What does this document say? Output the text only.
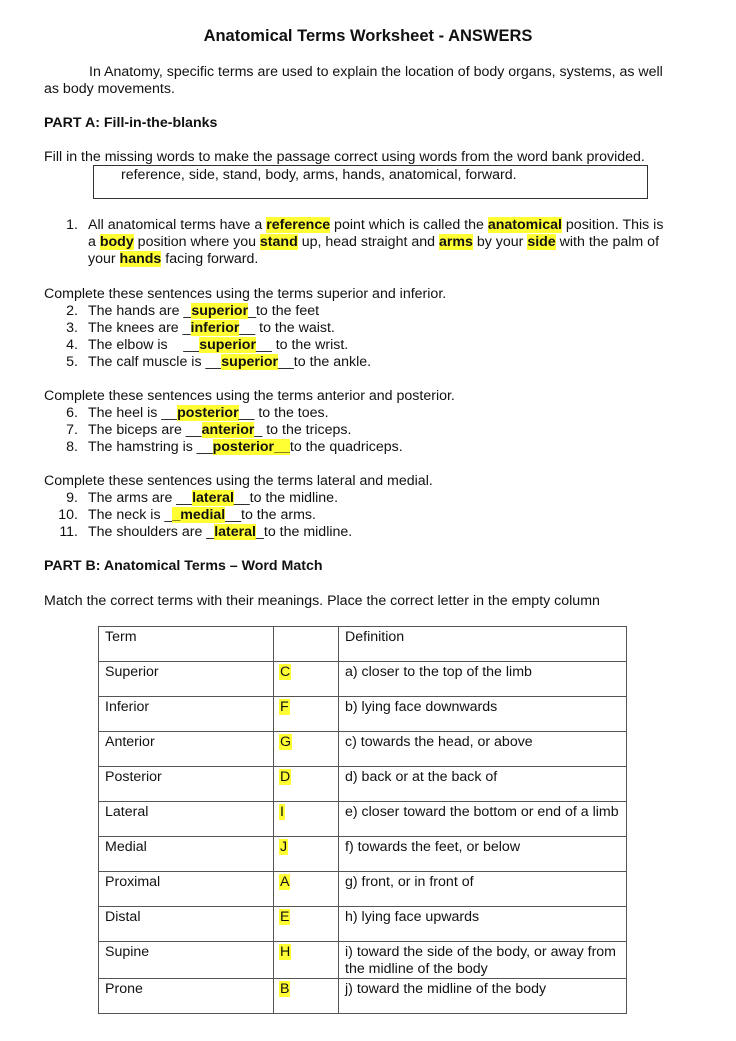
Anatomical Terms Worksheet - ANSWERS
In Anatomy, specific terms are used to explain the location of body organs, systems, as well
as body movements.
PART A: Fill-in-the-blanks
Fill in the missing words to make the passage correct using words from the word bank provided.
reference, side, stand, body, arms, hands, anatomical, forward.
1. All anatomical terms have a reference point which is called the anatomical position. This is
a body position where you stand up, head straight and arms by your side with the palm of
your hands facing forward.
Complete these sentences using the terms superior and inferior.
2. The hands are _superior_to the feet
3. The knees are _inferior__ to the waist.
4. The elbow is    __superior__ to the wrist.
5. The calf muscle is __superior__to the ankle.
Complete these sentences using the terms anterior and posterior.
6. The heel is __posterior__ to the toes.
7. The biceps are __anterior_ to the triceps.
8. The hamstring is __posterior__to the quadriceps.
Complete these sentences using the terms lateral and medial.
9. The arms are __lateral__to the midline.
10. The neck is __medial__to the arms.
11. The shoulders are _lateral_to the midline.
PART B: Anatomical Terms – Word Match
Match the correct terms with their meanings. Place the correct letter in the empty column
Term		Definition
Superior	C	a) closer to the top of the limb
Inferior	F	b) lying face downwards
Anterior	G	c) towards the head, or above
Posterior	D	d) back or at the back of
Lateral	I	e) closer toward the bottom or end of a limb
Medial	J	f) towards the feet, or below
Proximal	A	g) front, or in front of
Distal	E	h) lying face upwards
Supine	H	i) toward the side of the body, or away from the midline of the body
Prone	B	j) toward the midline of the body
